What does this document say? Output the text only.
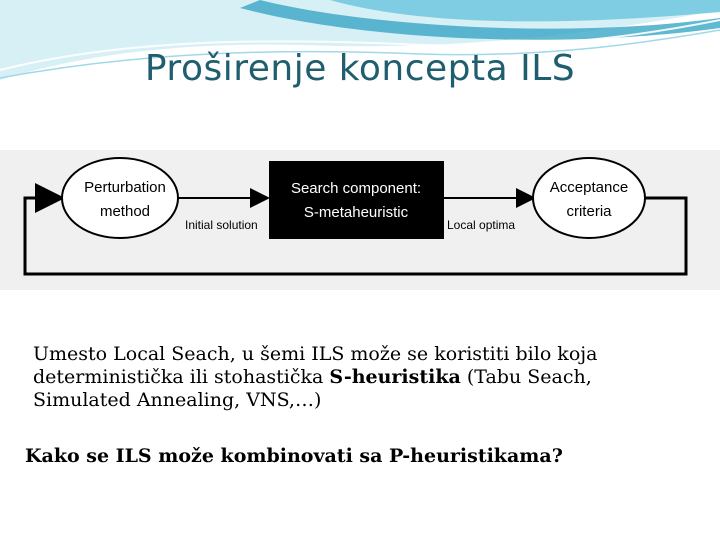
Proširenje koncepta ILS
Perturbation
method
Search component:
S-metaheuristic
Acceptance
criteria
Initial solution	Local optima

Umesto Local Seach, u šemi ILS može se koristiti bilo koja deterministička ili stohastička S-heuristika (Tabu Seach, Simulated Annealing, VNS,…)

Kako se ILS može kombinovati sa P-heuristikama?
